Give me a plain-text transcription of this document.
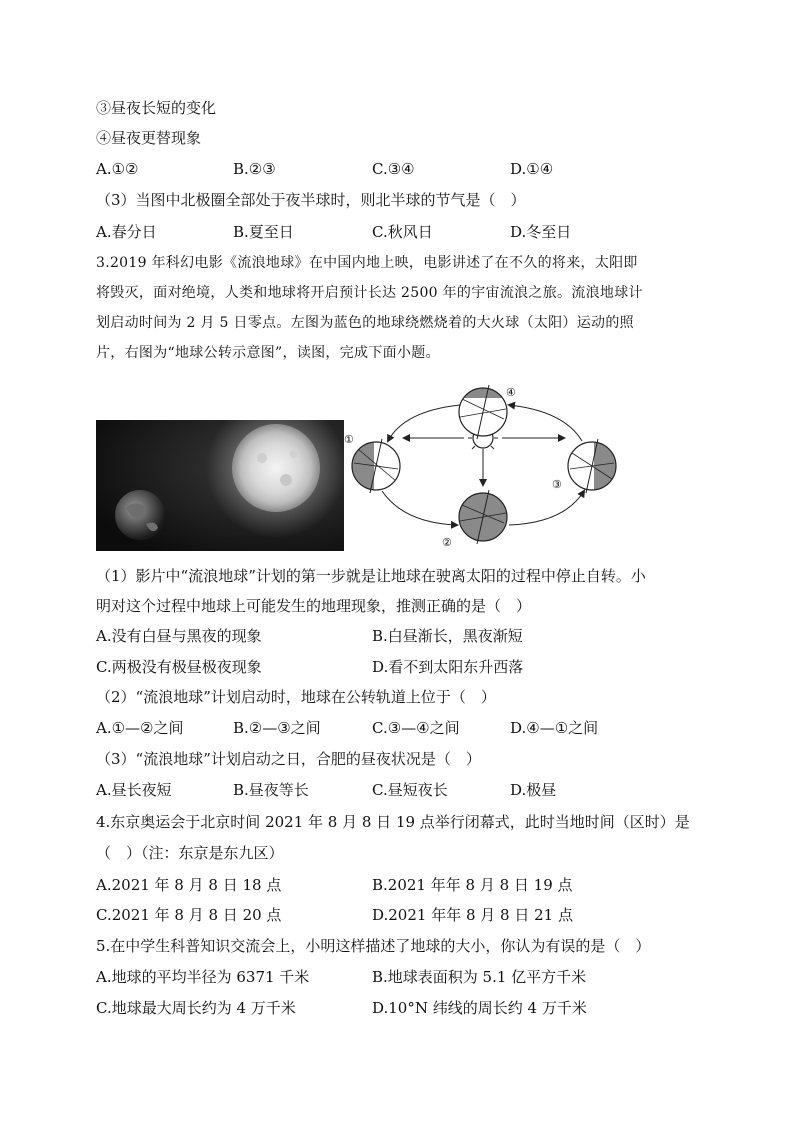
③昼夜长短的变化
④昼夜更替现象
A.①②	B.②③	C.③④	D.①④
（3）当图中北极圈全部处于夜半球时，则北半球的节气是（　）
A.春分日	B.夏至日	C.秋风日	D.冬至日
3.2019 年科幻电影《流浪地球》在中国内地上映，电影讲述了在不久的将来，太阳即
将毁灭，面对绝境，人类和地球将开启预计长达 2500 年的宇宙流浪之旅。流浪地球计
划启动时间为 2 月 5 日零点。左图为蓝色的地球绕燃烧着的大火球（太阳）运动的照
片，右图为“地球公转示意图”，读图，完成下面小题。
①
②
③
④
（1）影片中“流浪地球”计划的第一步就是让地球在驶离太阳的过程中停止自转。小
明对这个过程中地球上可能发生的地理现象，推测正确的是（　）
A.没有白昼与黑夜的现象	B.白昼渐长，黑夜渐短
C.两极没有极昼极夜现象	D.看不到太阳东升西落
（2）“流浪地球”计划启动时，地球在公转轨道上位于（　）
A.①—②之间	B.②—③之间	C.③—④之间	D.④—①之间
（3）“流浪地球”计划启动之日，合肥的昼夜状况是（　）
A.昼长夜短	B.昼夜等长	C.昼短夜长	D.极昼
4.东京奥运会于北京时间 2021 年 8 月 8 日 19 点举行闭幕式，此时当地时间（区时）是
（　）（注：东京是东九区）
A.2021 年 8 月 8 日 18 点	B.2021 年年 8 月 8 日 19 点
C.2021 年 8 月 8 日 20 点	D.2021 年年 8 月 8 日 21 点
5.在中学生科普知识交流会上，小明这样描述了地球的大小，你认为有误的是（　）
A.地球的平均半径为 6371 千米	B.地球表面积为 5.1 亿平方千米
C.地球最大周长约为 4 万千米	D.10°N 纬线的周长约 4 万千米
